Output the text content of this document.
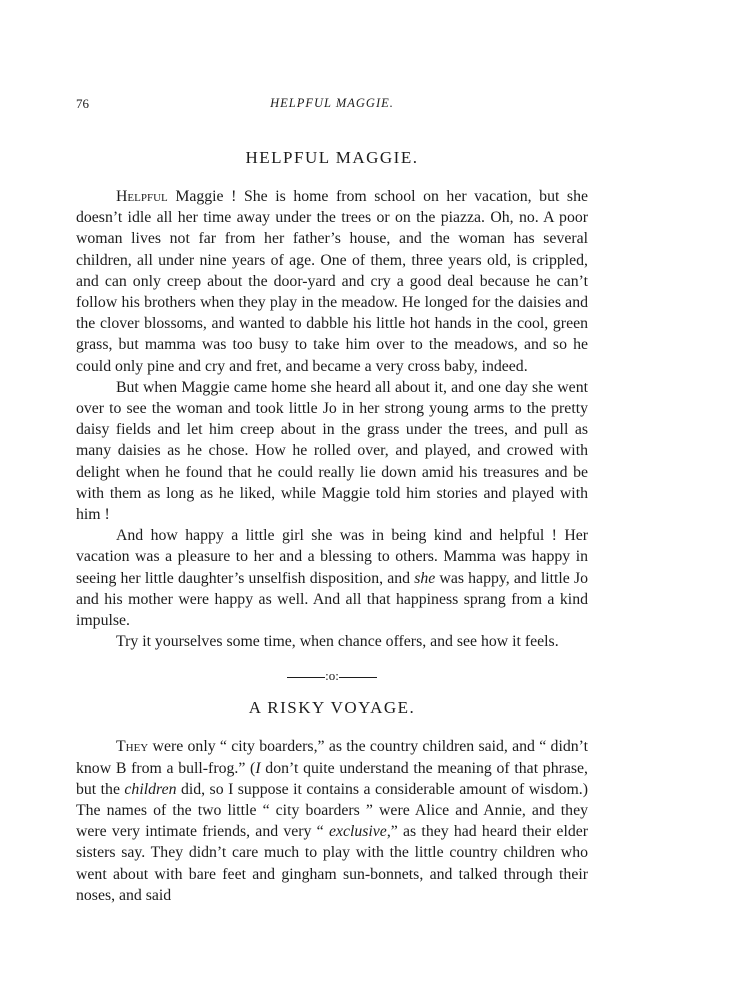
76	HELPFUL MAGGIE.
HELPFUL MAGGIE.

Helpful Maggie ! She is home from school on her vacation, but she doesn’t idle all her time away under the trees or on the piazza. Oh, no. A poor woman lives not far from her father’s house, and the woman has several children, all under nine years of age. One of them, three years old, is crippled, and can only creep about the door-yard and cry a good deal because he can’t follow his brothers when they play in the meadow. He longed for the daisies and the clover blossoms, and wanted to dabble his little hot hands in the cool, green grass, but mamma was too busy to take him over to the meadows, and so he could only pine and cry and fret, and became a very cross baby, indeed.

But when Maggie came home she heard all about it, and one day she went over to see the woman and took little Jo in her strong young arms to the pretty daisy fields and let him creep about in the grass under the trees, and pull as many daisies as he chose. How he rolled over, and played, and crowed with delight when he found that he could really lie down amid his treasures and be with them as long as he liked, while Maggie told him stories and played with him !

And how happy a little girl she was in being kind and helpful ! Her vacation was a pleasure to her and a blessing to others. Mamma was happy in seeing her little daughter’s unselfish disposition, and she was happy, and little Jo and his mother were happy as well. And all that happiness sprang from a kind impulse.

Try it yourselves some time, when chance offers, and see how it feels.

:o:
A RISKY VOYAGE.

They were only “ city boarders,” as the country children said, and “ didn’t know B from a bull-frog.” (I don’t quite understand the meaning of that phrase, but the children did, so I suppose it contains a considerable amount of wisdom.) The names of the two little “ city boarders ” were Alice and Annie, and they were very intimate friends, and very “ exclusive,” as they had heard their elder sisters say. They didn’t care much to play with the little country children who went about with bare feet and gingham sun-bonnets, and talked through their noses, and said
